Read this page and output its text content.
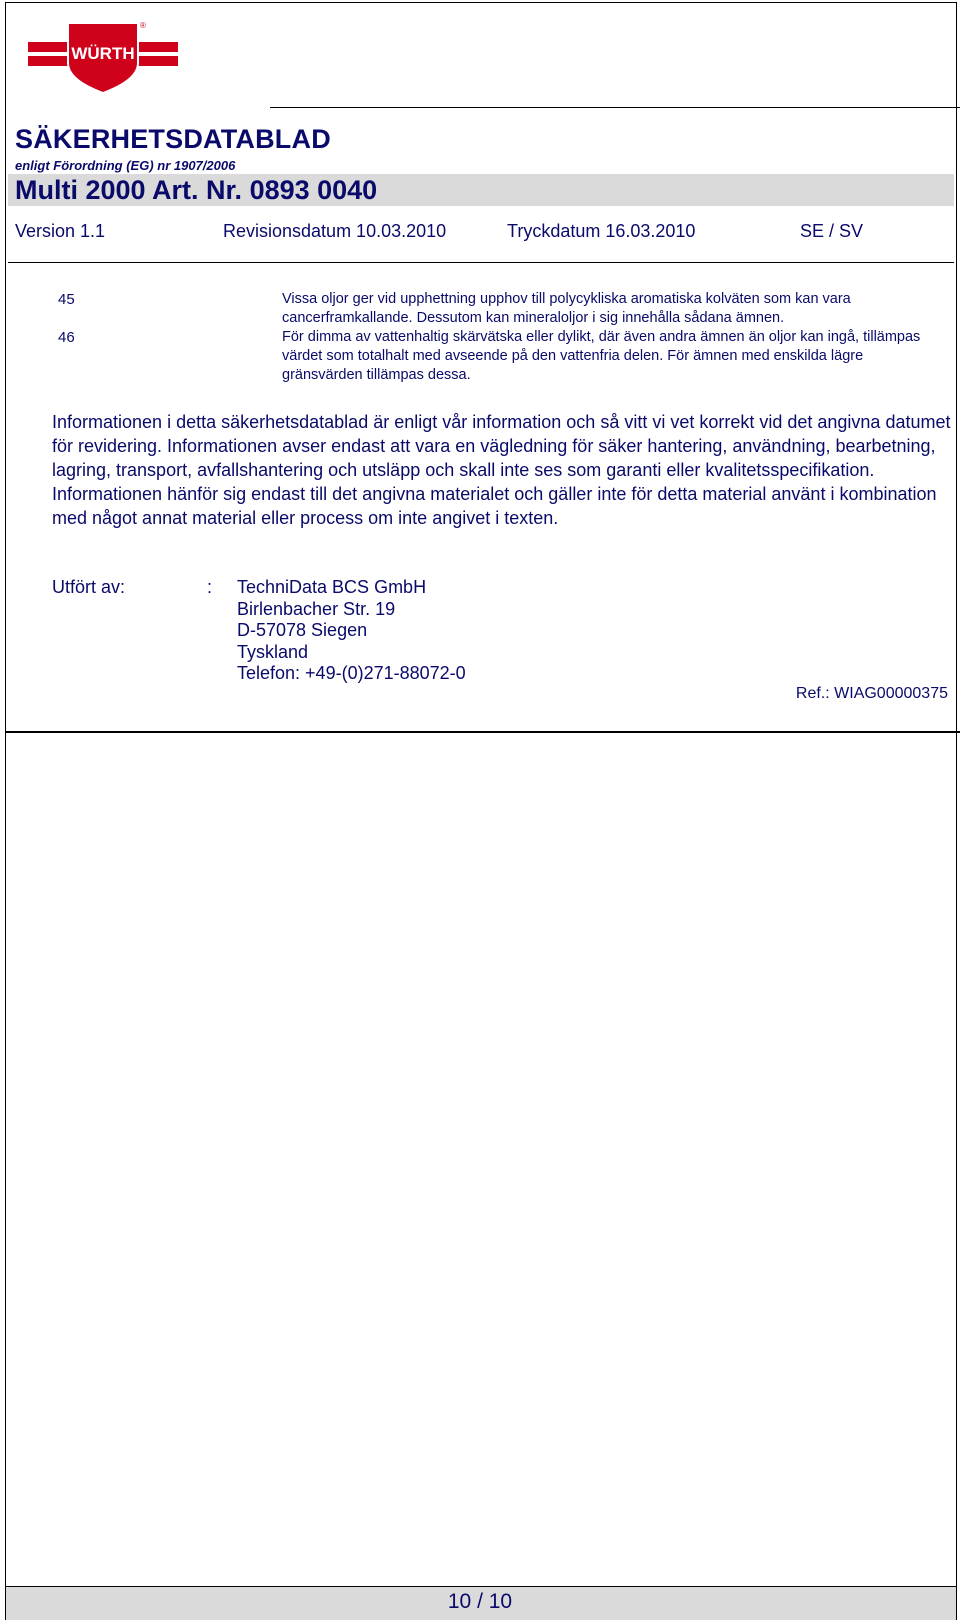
WÜRTH
®
SÄKERHETSDATABLAD
enligt Förordning (EG) nr 1907/2006
Multi 2000 Art. Nr. 0893 0040
Version 1.1	Revisionsdatum 10.03.2010	Tryckdatum 16.03.2010	SE / SV
45	Vissa oljor ger vid upphettning upphov till polycykliska aromatiska kolväten som kan vara cancerframkallande. Dessutom kan mineraloljor i sig innehålla sådana ämnen.
46	För dimma av vattenhaltig skärvätska eller dylikt, där även andra ämnen än oljor kan ingå, tillämpas värdet som totalhalt med avseende på den vattenfria delen. För ämnen med enskilda lägre gränsvärden tillämpas dessa.
Informationen i detta säkerhetsdatablad är enligt vår information och så vitt vi vet korrekt vid det angivna datumet för revidering. Informationen avser endast att vara en vägledning för säker hantering, användning, bearbetning, lagring, transport, avfallshantering och utsläpp och skall inte ses som garanti eller kvalitetsspecifikation. Informationen hänför sig endast till det angivna materialet och gäller inte för detta material använt i kombination med något annat material eller process om inte angivet i texten.
Utfört av:	: TechniData BCS GmbH
Birlenbacher Str. 19
D-57078 Siegen
Tyskland
Telefon: +49-(0)271-88072-0
Ref.: WIAG00000375
10 / 10
